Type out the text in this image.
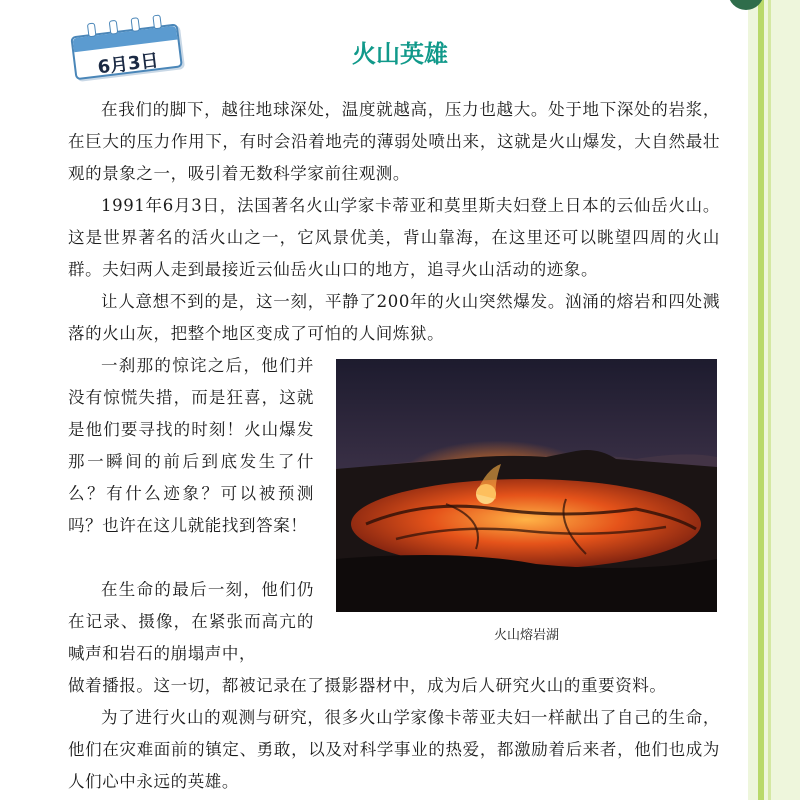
6月3日	火山英雄

在我们的脚下，越往地球深处，温度就越高，压力也越大。处于地下深处的岩浆，在巨大的压力作用下，有时会沿着地壳的薄弱处喷出来，这就是火山爆发，大自然最壮观的景象之一，吸引着无数科学家前往观测。

1991年6月3日，法国著名火山学家卡蒂亚和莫里斯夫妇登上日本的云仙岳火山。这是世界著名的活火山之一，它风景优美，背山靠海，在这里还可以眺望四周的火山群。夫妇两人走到最接近云仙岳火山口的地方，追寻火山活动的迹象。

让人意想不到的是，这一刻，平静了200年的火山突然爆发。汹涌的熔岩和四处溅落的火山灰，把整个地区变成了可怕的人间炼狱。

一刹那的惊诧之后，他们并没有惊慌失措，而是狂喜，这就是他们要寻找的时刻！火山爆发那一瞬间的前后到底发生了什么？有什么迹象？可以被预测吗？也许在这儿就能找到答案！

在生命的最后一刻，他们仍在记录、摄像，在紧张而高亢的喊声和岩石的崩塌声中，

做着播报。这一切，都被记录在了摄影器材中，成为后人研究火山的重要资料。

为了进行火山的观测与研究，很多火山学家像卡蒂亚夫妇一样献出了自己的生命，他们在灾难面前的镇定、勇敢，以及对科学事业的热爱，都激励着后来者，他们也成为人们心中永远的英雄。

火山熔岩湖
